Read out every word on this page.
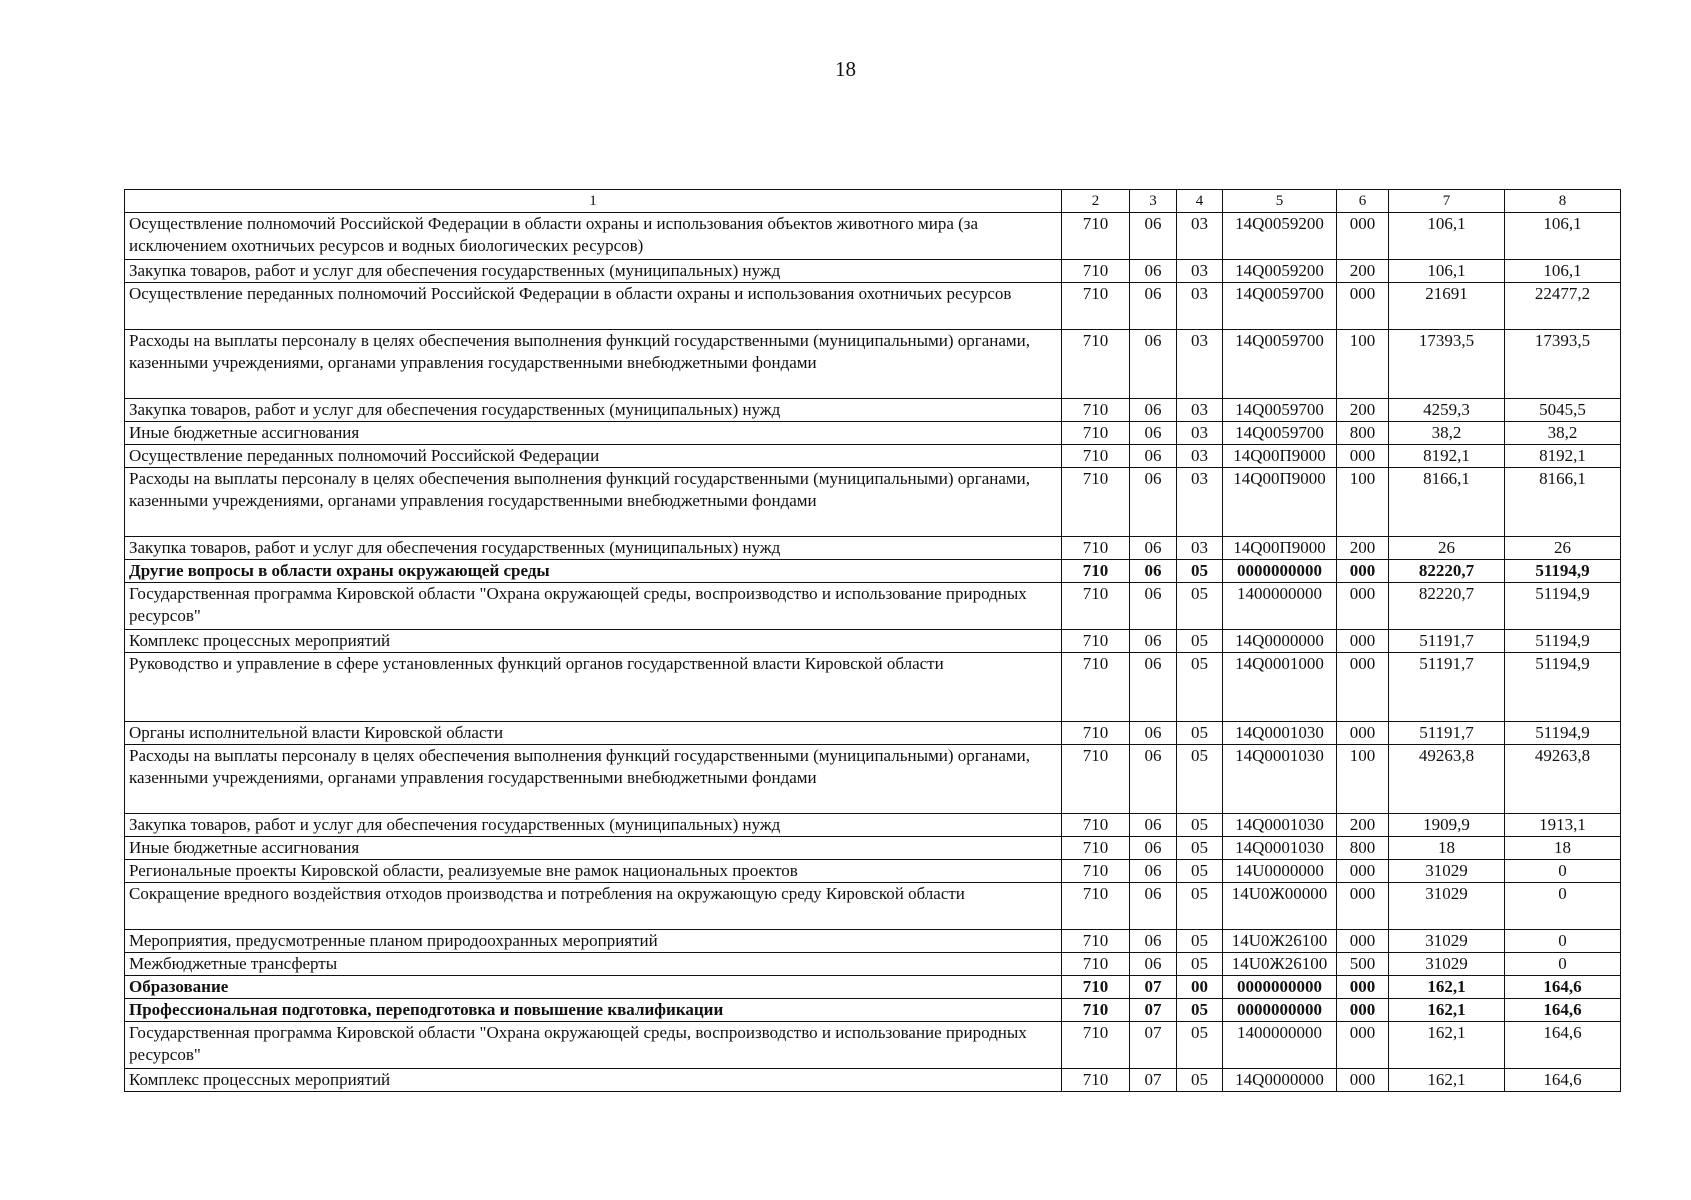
18
1	2	3	4	5	6	7	8
Осуществление полномочий Российской Федерации в области охраны и использования объектов животного мира (за исключением охотничьих ресурсов и водных биологических ресурсов)	710	06	03	14Q0059200	000	106,1	106,1
Закупка товаров, работ и услуг для обеспечения государственных (муниципальных) нужд	710	06	03	14Q0059200	200	106,1	106,1
Осуществление переданных полномочий Российской Федерации в области охраны и использования охотничьих ресурсов	710	06	03	14Q0059700	000	21691	22477,2
Расходы на выплаты персоналу в целях обеспечения выполнения функций государственными (муниципальными) органами, казенными учреждениями, органами управления государственными внебюджетными фондами	710	06	03	14Q0059700	100	17393,5	17393,5
Закупка товаров, работ и услуг для обеспечения государственных (муниципальных) нужд	710	06	03	14Q0059700	200	4259,3	5045,5
Иные бюджетные ассигнования	710	06	03	14Q0059700	800	38,2	38,2
Осуществление переданных полномочий Российской Федерации	710	06	03	14Q00П9000	000	8192,1	8192,1
Расходы на выплаты персоналу в целях обеспечения выполнения функций государственными (муниципальными) органами, казенными учреждениями, органами управления государственными внебюджетными фондами	710	06	03	14Q00П9000	100	8166,1	8166,1
Закупка товаров, работ и услуг для обеспечения государственных (муниципальных) нужд	710	06	03	14Q00П9000	200	26	26
Другие вопросы в области охраны окружающей среды	710	06	05	0000000000	000	82220,7	51194,9
Государственная программа Кировской области "Охрана окружающей среды, воспроизводство и использование природных ресурсов"	710	06	05	1400000000	000	82220,7	51194,9
Комплекс процессных мероприятий	710	06	05	14Q0000000	000	51191,7	51194,9
Руководство и управление в сфере установленных функций органов государственной власти Кировской области	710	06	05	14Q0001000	000	51191,7	51194,9
Органы исполнительной власти Кировской области	710	06	05	14Q0001030	000	51191,7	51194,9
Расходы на выплаты персоналу в целях обеспечения выполнения функций государственными (муниципальными) органами, казенными учреждениями, органами управления государственными внебюджетными фондами	710	06	05	14Q0001030	100	49263,8	49263,8
Закупка товаров, работ и услуг для обеспечения государственных (муниципальных) нужд	710	06	05	14Q0001030	200	1909,9	1913,1
Иные бюджетные ассигнования	710	06	05	14Q0001030	800	18	18
Региональные проекты Кировской области, реализуемые вне рамок национальных проектов	710	06	05	14U0000000	000	31029	0
Сокращение вредного воздействия отходов производства и потребления на окружающую среду Кировской области	710	06	05	14U0Ж00000	000	31029	0
Мероприятия, предусмотренные планом природоохранных мероприятий	710	06	05	14U0Ж26100	000	31029	0
Межбюджетные трансферты	710	06	05	14U0Ж26100	500	31029	0
Образование	710	07	00	0000000000	000	162,1	164,6
Профессиональная подготовка, переподготовка и повышение квалификации	710	07	05	0000000000	000	162,1	164,6
Государственная программа Кировской области "Охрана окружающей среды, воспроизводство и использование природных ресурсов"	710	07	05	1400000000	000	162,1	164,6
Комплекс процессных мероприятий	710	07	05	14Q0000000	000	162,1	164,6
